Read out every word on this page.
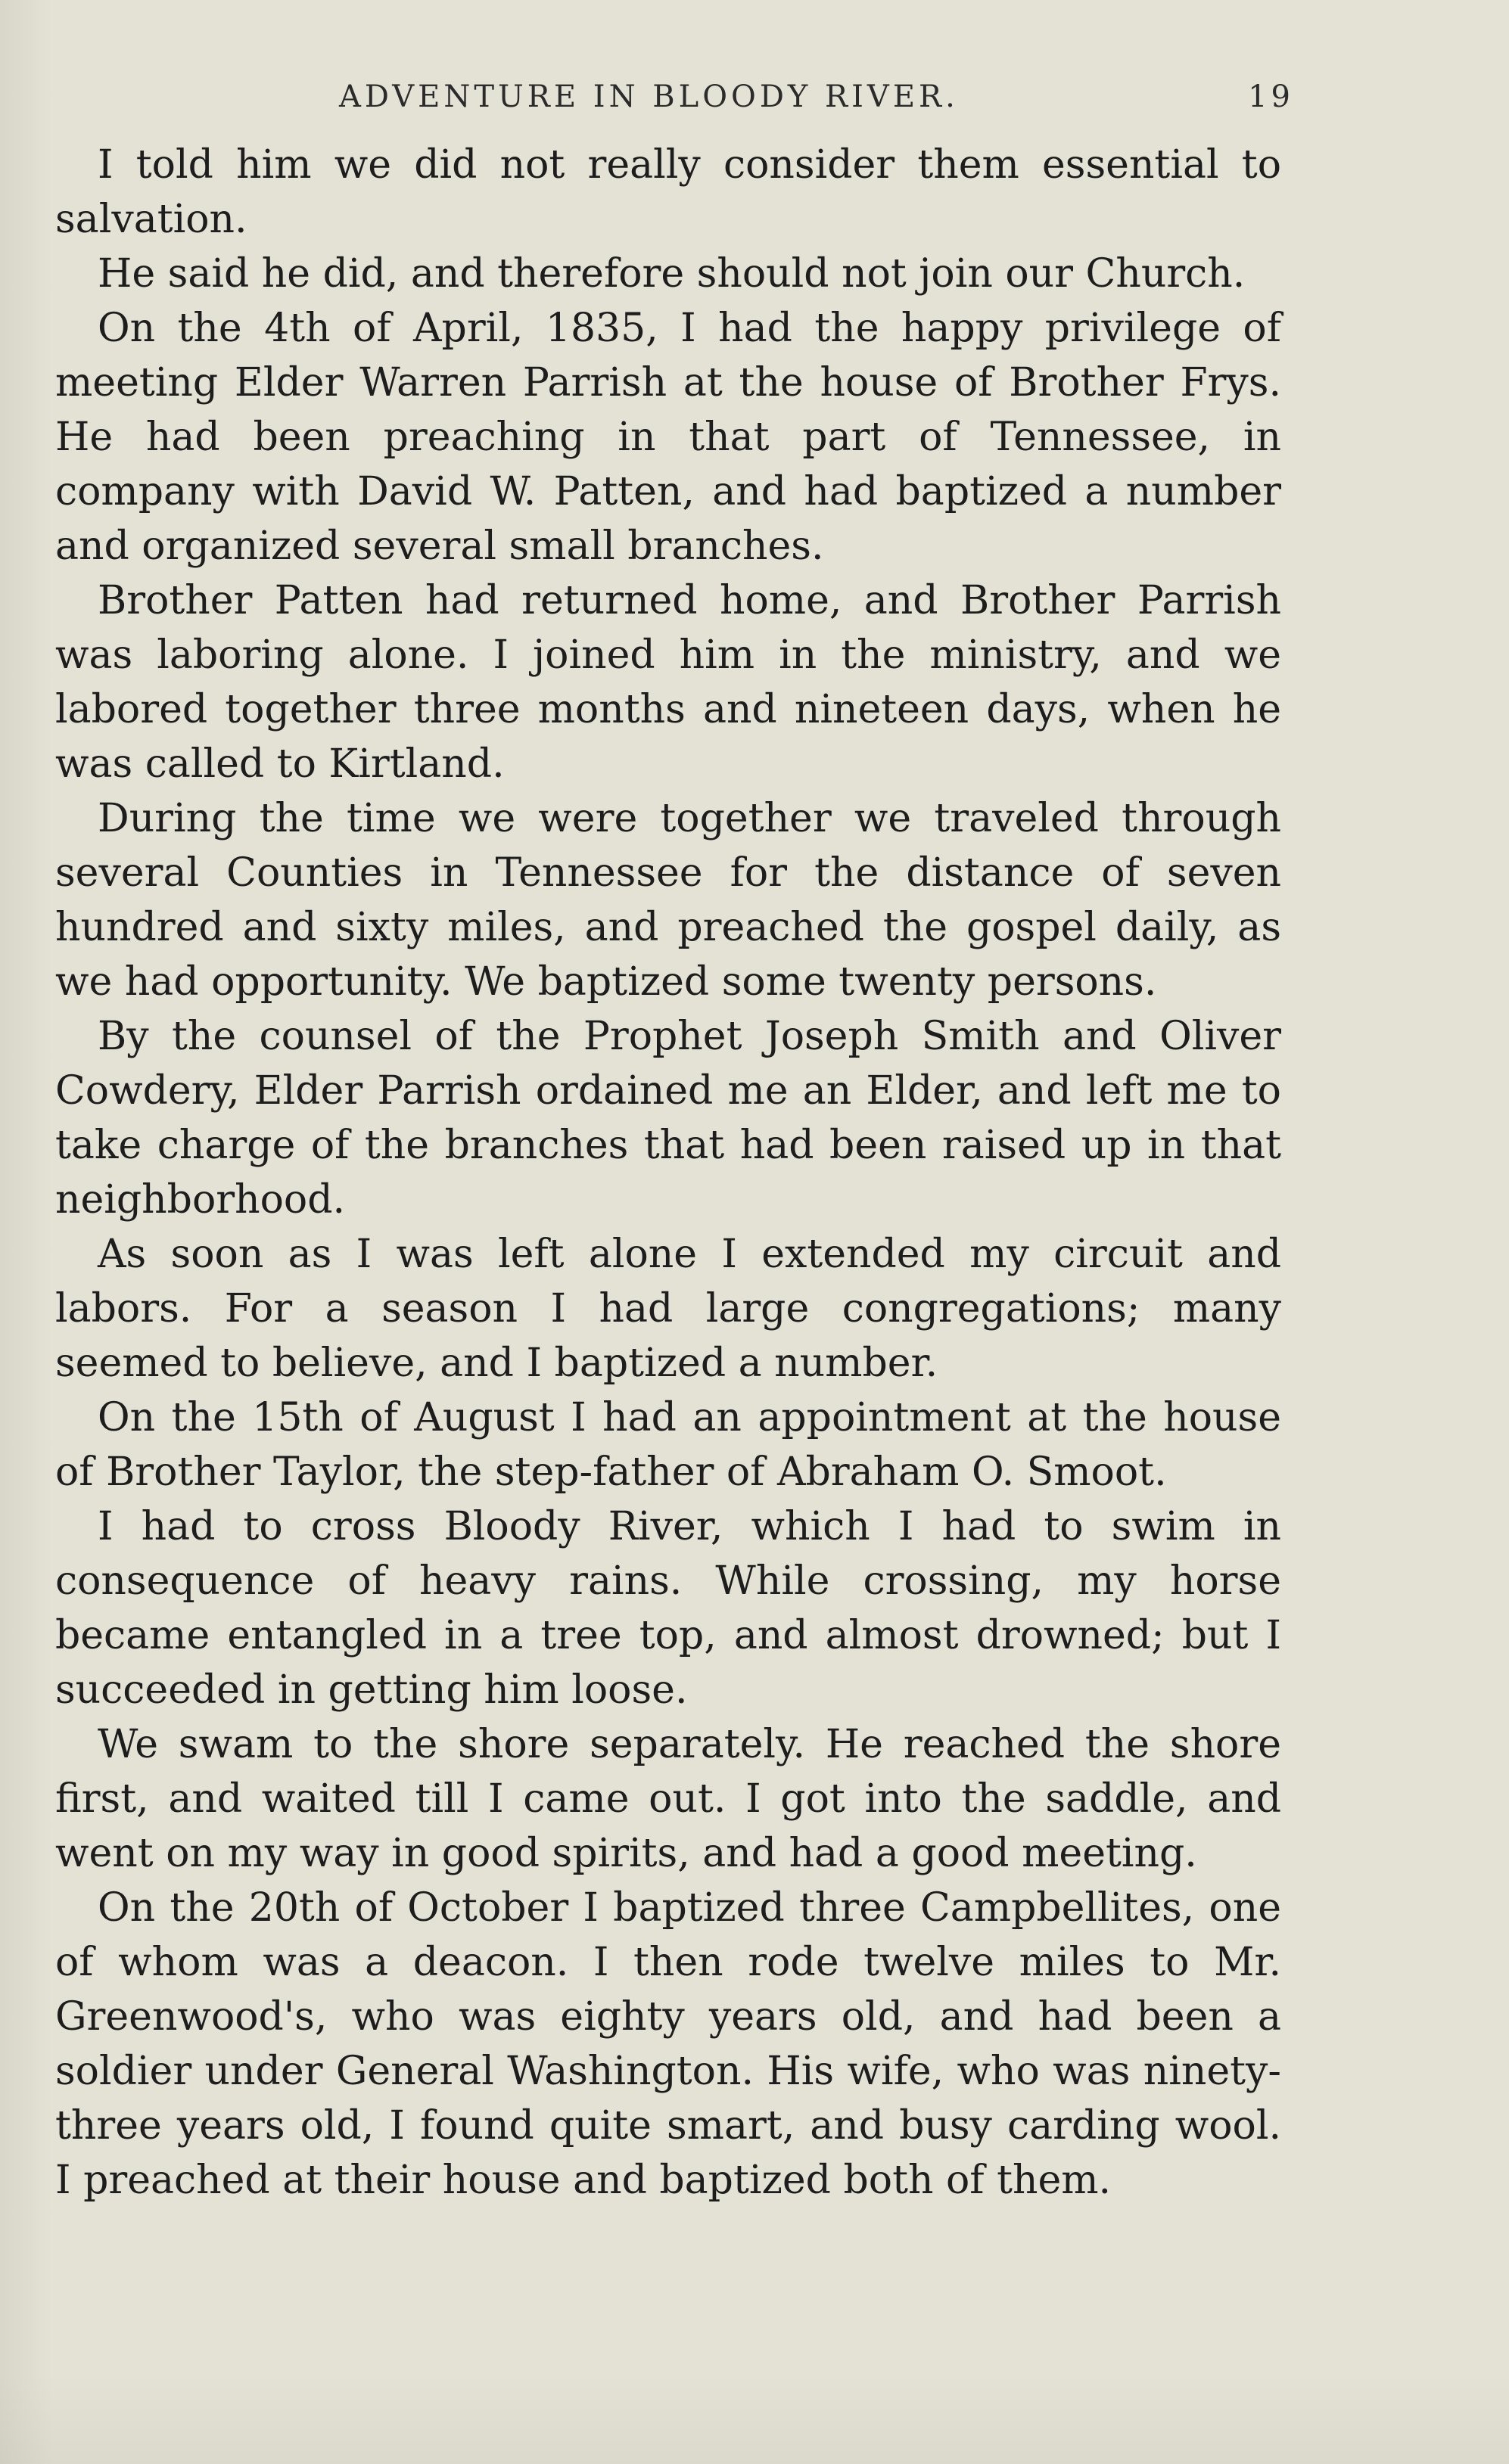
ADVENTURE IN BLOODY RIVER.	19

I told him we did not really consider them essential to salvation.

He said he did, and therefore should not join our Church.

On the 4th of April, 1835, I had the happy privilege of meeting Elder Warren Parrish at the house of Brother Frys. He had been preaching in that part of Tennessee, in company with David W. Patten, and had baptized a number and organized several small branches.

Brother Patten had returned home, and Brother Parrish was laboring alone. I joined him in the ministry, and we labored together three months and nineteen days, when he was called to Kirtland.

During the time we were together we traveled through several Counties in Tennessee for the distance of seven hundred and sixty miles, and preached the gospel daily, as we had opportunity. We baptized some twenty persons.

By the counsel of the Prophet Joseph Smith and Oliver Cowdery, Elder Parrish ordained me an Elder, and left me to take charge of the branches that had been raised up in that neighborhood.

As soon as I was left alone I extended my circuit and labors. For a season I had large congregations; many seemed to believe, and I baptized a number.

On the 15th of August I had an appointment at the house of Brother Taylor, the step-father of Abraham O. Smoot.

I had to cross Bloody River, which I had to swim in consequence of heavy rains. While crossing, my horse became entangled in a tree top, and almost drowned; but I succeeded in getting him loose.

We swam to the shore separately. He reached the shore first, and waited till I came out. I got into the saddle, and went on my way in good spirits, and had a good meeting.

On the 20th of October I baptized three Campbellites, one of whom was a deacon. I then rode twelve miles to Mr. Greenwood's, who was eighty years old, and had been a soldier under General Washington. His wife, who was ninety-three years old, I found quite smart, and busy carding wool. I preached at their house and baptized both of them.
